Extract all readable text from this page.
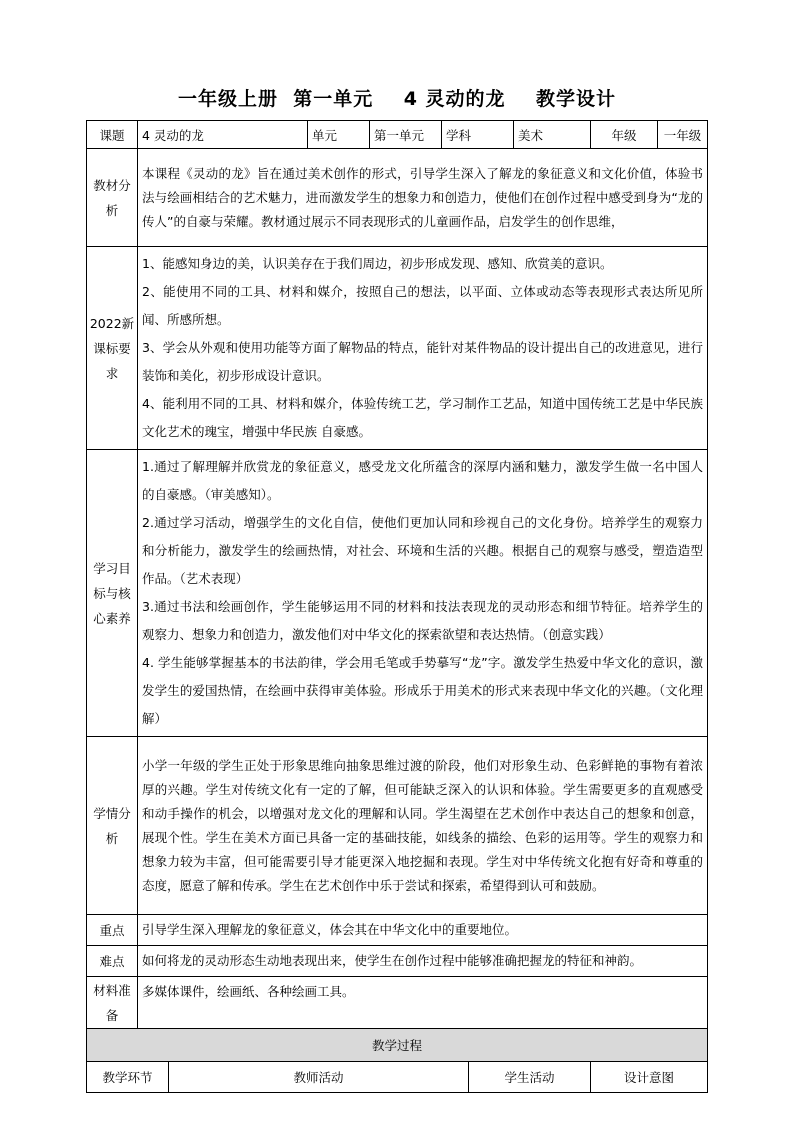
一年级上册  第一单元    4 灵动的龙    教学设计
课题	4 灵动的龙		单元	第一单元	学科		美术	年级	一年级
教材分析	本课程《灵动的龙》旨在通过美术创作的形式，引导学生深入了解龙的象征意义和文化价值，体验书法与绘画相结合的艺术魅力，进而激发学生的想象力和创造力，使他们在创作过程中感受到身为“龙的传人”的自豪与荣耀。教材通过展示不同表现形式的儿童画作品，启发学生的创作思维，								
2022新课标要求	1、能感知身边的美，认识美存在于我们周边，初步形成发现、感知、欣赏美的意识。

2、能使用不同的工具、材料和媒介，按照自己的想法，以平面、立体或动态等表现形式表达所见所闻、所感所想。

3、学会从外观和使用功能等方面了解物品的特点，能针对某件物品的设计提出自己的改进意见，进行装饰和美化，初步形成设计意识。

4、能利用不同的工具、材料和媒介，体验传统工艺，学习制作工艺品，知道中国传统工艺是中华民族文化艺术的瑰宝，增强中华民族 自豪感。								

学习目标与核心素养	1.通过了解理解并欣赏龙的象征意义，感受龙文化所蕴含的深厚内涵和魅力，激发学生做一名中国人的自豪感。（审美感知）。

2.通过学习活动，增强学生的文化自信，使他们更加认同和珍视自己的文化身份。培养学生的观察力和分析能力，激发学生的绘画热情，对社会、环境和生活的兴趣。根据自己的观察与感受，塑造造型作品。（艺术表现）

3.通过书法和绘画创作，学生能够运用不同的材料和技法表现龙的灵动形态和细节特征。培养学生的观察力、想象力和创造力，激发他们对中华文化的探索欲望和表达热情。（创意实践）

4. 学生能够掌握基本的书法韵律，学会用毛笔或手势摹写“龙”字。激发学生热爱中华文化的意识，激发学生的爱国热情，在绘画中获得审美体验。形成乐于用美术的形式来表现中华文化的兴趣。（文化理解）								

学情分析	小学一年级的学生正处于形象思维向抽象思维过渡的阶段，他们对形象生动、色彩鲜艳的事物有着浓厚的兴趣。学生对传统文化有一定的了解，但可能缺乏深入的认识和体验。学生需要更多的直观感受和动手操作的机会，以增强对龙文化的理解和认同。学生渴望在艺术创作中表达自己的想象和创意，展现个性。学生在美术方面已具备一定的基础技能，如线条的描绘、色彩的运用等。学生的观察力和想象力较为丰富，但可能需要引导才能更深入地挖掘和表现。学生对中华传统文化抱有好奇和尊重的态度，愿意了解和传承。学生在艺术创作中乐于尝试和探索，希望得到认可和鼓励。								
重点	引导学生深入理解龙的象征意义，体会其在中华文化中的重要地位。								
难点	如何将龙的灵动形态生动地表现出来，使学生在创作过程中能够准确把握龙的特征和神韵。								
材料准备	多媒体课件，绘画纸、各种绘画工具。								
教学过程									
教学环节		教师活动				学生活动		设计意图	
